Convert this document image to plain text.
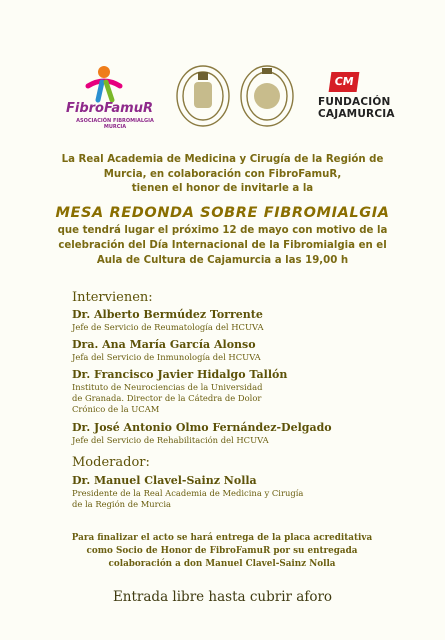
FibroFamuR
ASOCIACIÓN FIBROMIALGIA MURCIA
CM
FUNDACIÓN
CAJAMURCIA
La Real Academia de Medicina y Cirugía de la Región de
Murcia, en colaboración con FibroFamuR,
tienen el honor de invitarle a la
MESA REDONDA SOBRE FIBROMIALGIA
que tendrá lugar el próximo 12 de mayo con motivo de la
celebración del Día Internacional de la Fibromialgia en el
Aula de Cultura de Cajamurcia a las 19,00 h
Intervienen:
Dr. Alberto Bermúdez Torrente
Jefe de Servicio de Reumatología del HCUVA
Dra. Ana María García Alonso
Jefa del Servicio de Inmunología del HCUVA
Dr. Francisco Javier Hidalgo Tallón
Instituto de Neurociencias de la Universidad
de Granada. Director de la Cátedra de Dolor
Crónico de la UCAM
Dr. José Antonio Olmo Fernández-Delgado
Jefe del Servicio de Rehabilitación del HCUVA
Moderador:
Dr. Manuel Clavel-Sainz Nolla
Presidente de la Real Academia de Medicina y Cirugía
de la Región de Murcia
Para finalizar el acto se hará entrega de la placa acreditativa
como Socio de Honor de FibroFamuR por su entregada
colaboración a don Manuel Clavel-Sainz Nolla
Entrada libre hasta cubrir aforo
